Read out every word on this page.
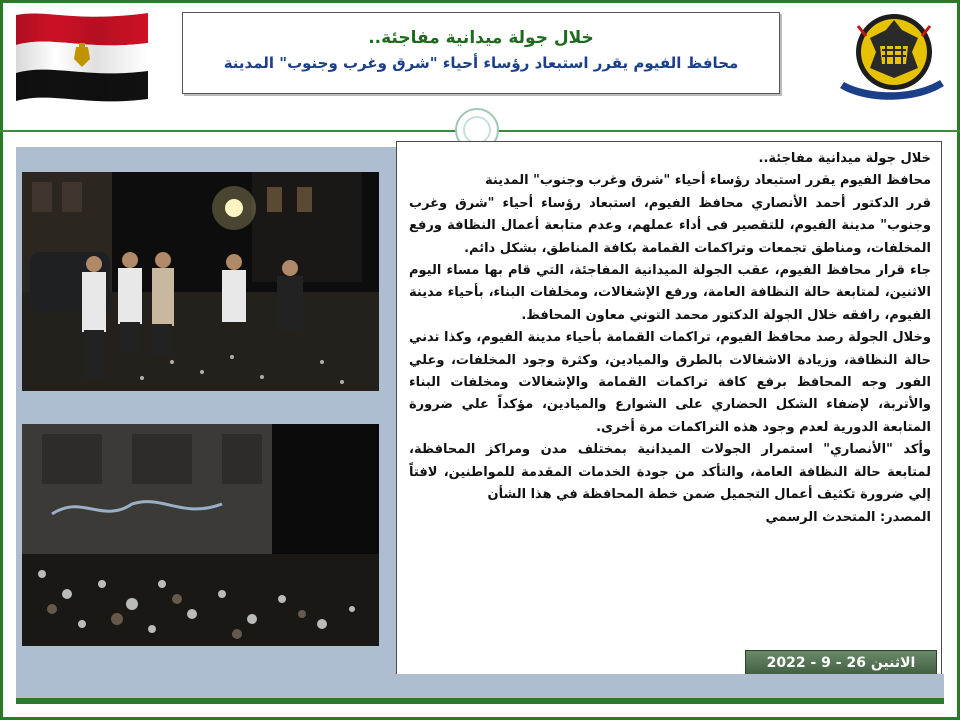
خلال جولة ميدانية مفاجئة..
محافظ الفيوم يقرر استبعاد رؤساء أحياء "شرق وغرب وجنوب" المدينة

خلال جولة ميدانية مفاجئة..

محافظ الفيوم يقرر استبعاد رؤساء أحياء "شرق وغرب وجنوب" المدينة

قرر الدكتور أحمد الأنصاري محافظ الفيوم، استبعاد رؤساء أحياء "شرق وغرب وجنوب" مدينة الفيوم، للتقصير فى أداء عملهم، وعدم متابعة أعمال النظافة ورفع المخلفات، ومناطق تجمعات وتراكمات القمامة بكافة المناطق، بشكل دائم.

جاء قرار محافظ الفيوم، عقب الجولة الميدانية المفاجئة، التي قام بها مساء اليوم الاثنين، لمتابعة حالة النظافة العامة، ورفع الإشغالات، ومخلفات البناء، بأحياء مدينة الفيوم، رافقه خلال الجولة الدكتور محمد التوني معاون المحافظ.

وخلال الجولة رصد محافظ الفيوم، تراكمات القمامة بأحياء مدينة الفيوم، وكذا تدني حالة النظافة، وزيادة الاشغالات بالطرق والميادين، وكثرة وجود المخلفات، وعلي الفور وجه المحافظ برفع كافة تراكمات القمامة والإشغالات ومخلفات البناء والأتربة، لإضفاء الشكل الحضاري على الشوارع والميادين، مؤكداً علي ضرورة المتابعة الدورية لعدم وجود هذه التراكمات مرة أخرى.

وأكد "الأنصاري" استمرار الجولات الميدانية بمختلف مدن ومراكز المحافظة، لمتابعة حالة النظافة العامة، والتأكد من جودة الخدمات المقدمة للمواطنين، لافتاً إلي ضرورة تكثيف أعمال التجميل ضمن خطة المحافظة في هذا الشأن

المصدر: المتحدث الرسمي

الاثنين 26 - 9 - 2022
